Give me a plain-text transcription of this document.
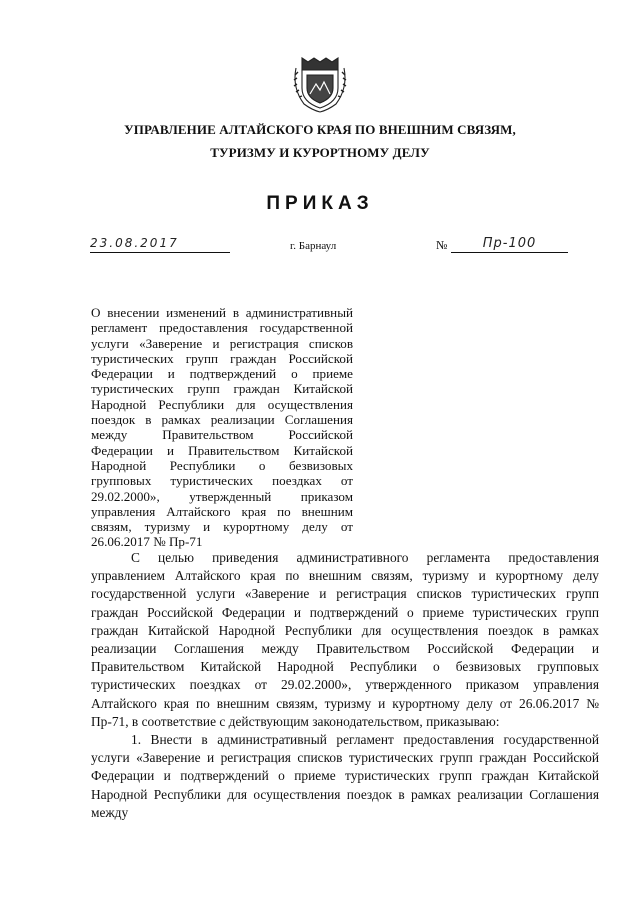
УПРАВЛЕНИЕ АЛТАЙСКОГО КРАЯ ПО ВНЕШНИМ СВЯЗЯМ,
ТУРИЗМУ И КУРОРТНОМУ ДЕЛУ
ПРИКАЗ
23.08.2017	г. Барнаул	№	Пр-100

О внесении изменений в административный регламент предоставления государственной услуги «Заверение и регистрация списков туристических групп граждан Российской Федерации и подтверждений о приеме туристических групп граждан Китайской Народной Республики для осуществления поездок в рамках реализации Соглашения между Правительством Российской Федерации и Правительством Китайской Народной Республики о безвизовых групповых туристических поездках от 29.02.2000», утвержденный приказом управления Алтайского края по внешним связям, туризму и курортному делу от 26.06.2017 № Пр-71

С целью приведения административного регламента предоставления управлением Алтайского края по внешним связям, туризму и курортному делу государственной услуги «Заверение и регистрация списков туристических групп граждан Российской Федерации и подтверждений о приеме туристических групп граждан Китайской Народной Республики для осуществления поездок в рамках реализации Соглашения между Правительством Российской Федерации и Правительством Китайской Народной Республики о безвизовых групповых туристических поездках от 29.02.2000», утвержденного приказом управления Алтайского края по внешним связям, туризму и курортному делу от 26.06.2017 № Пр-71, в соответствие с действующим законодательством, приказываю:

1. Внести в административный регламент предоставления государственной услуги «Заверение и регистрация списков туристических групп граждан Российской Федерации и подтверждений о приеме туристических групп граждан Китайской Народной Республики для осуществления поездок в рамках реализации Соглашения между
